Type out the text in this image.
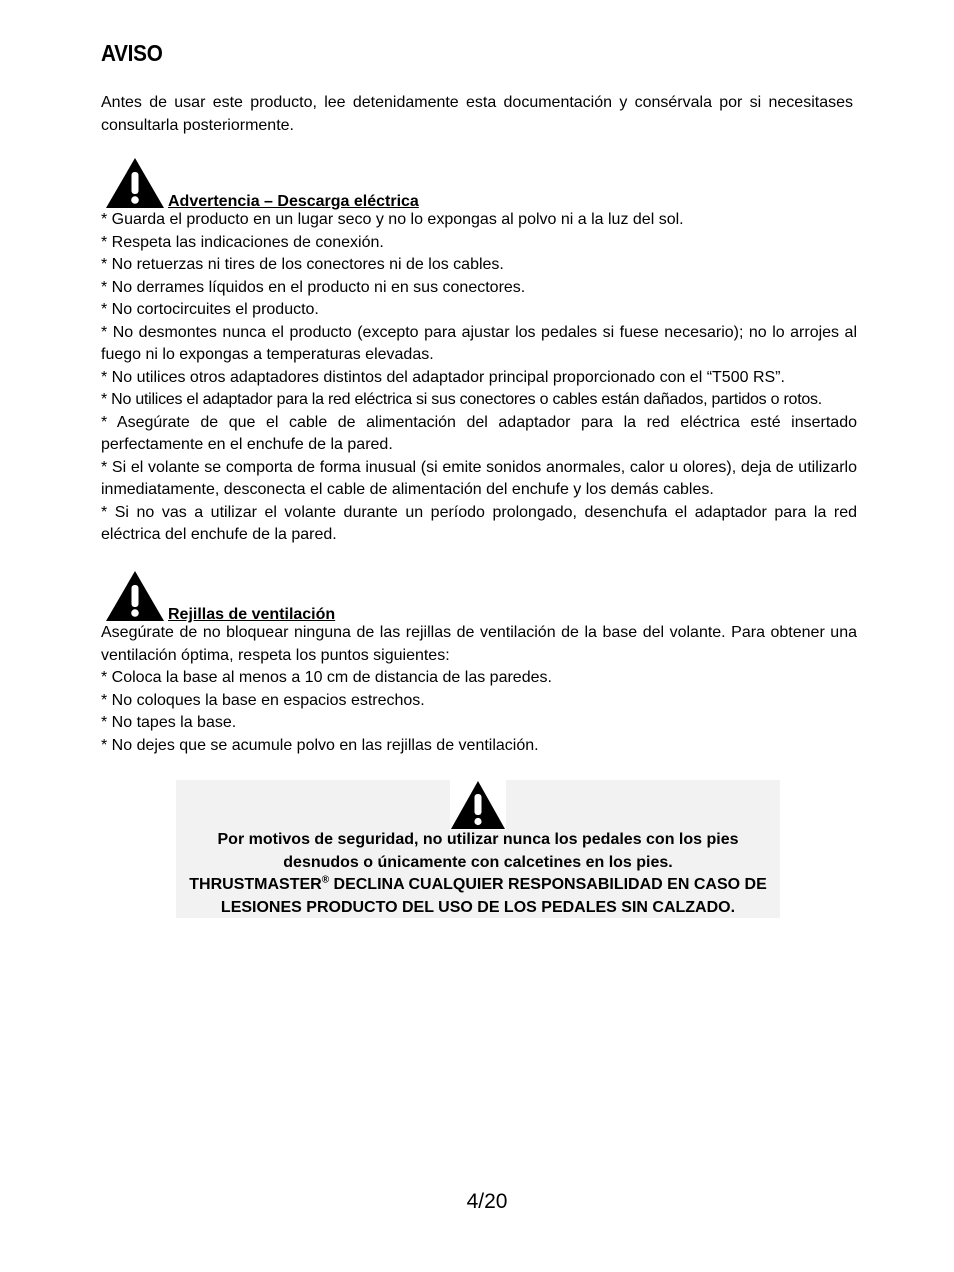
AVISO

Antes de usar este producto, lee detenidamente esta documentación y consérvala por si necesitases consultarla posteriormente.

Advertencia – Descarga eléctrica
* Guarda el producto en un lugar seco y no lo expongas al polvo ni a la luz del sol.
* Respeta las indicaciones de conexión.
* No retuerzas ni tires de los conectores ni de los cables.
* No derrames líquidos en el producto ni en sus conectores.
* No cortocircuites el producto.
* No desmontes nunca el producto (excepto para ajustar los pedales si fuese necesario); no lo arrojes al fuego ni lo expongas a temperaturas elevadas.
* No utilices otros adaptadores distintos del adaptador principal proporcionado con el “T500 RS”.
* No utilices el adaptador para la red eléctrica si sus conectores o cables están dañados, partidos o rotos.
* Asegúrate de que el cable de alimentación del adaptador para la red eléctrica esté insertado perfectamente en el enchufe de la pared.
* Si el volante se comporta de forma inusual (si emite sonidos anormales, calor u olores), deja de utilizarlo inmediatamente, desconecta el cable de alimentación del enchufe y los demás cables.
* Si no vas a utilizar el volante durante un período prolongado, desenchufa el adaptador para la red eléctrica del enchufe de la pared.
Rejillas de ventilación
Asegúrate de no bloquear ninguna de las rejillas de ventilación de la base del volante. Para obtener una ventilación óptima, respeta los puntos siguientes:
* Coloca la base al menos a 10 cm de distancia de las paredes.
* No coloques la base en espacios estrechos.
* No tapes la base.
* No dejes que se acumule polvo en las rejillas de ventilación.

Por motivos de seguridad, no utilizar nunca los pedales con los pies desnudos o únicamente con calcetines en los pies.

THRUSTMASTER® DECLINA CUALQUIER RESPONSABILIDAD EN CASO DE LESIONES PRODUCTO DEL USO DE LOS PEDALES SIN CALZADO.

4/20
